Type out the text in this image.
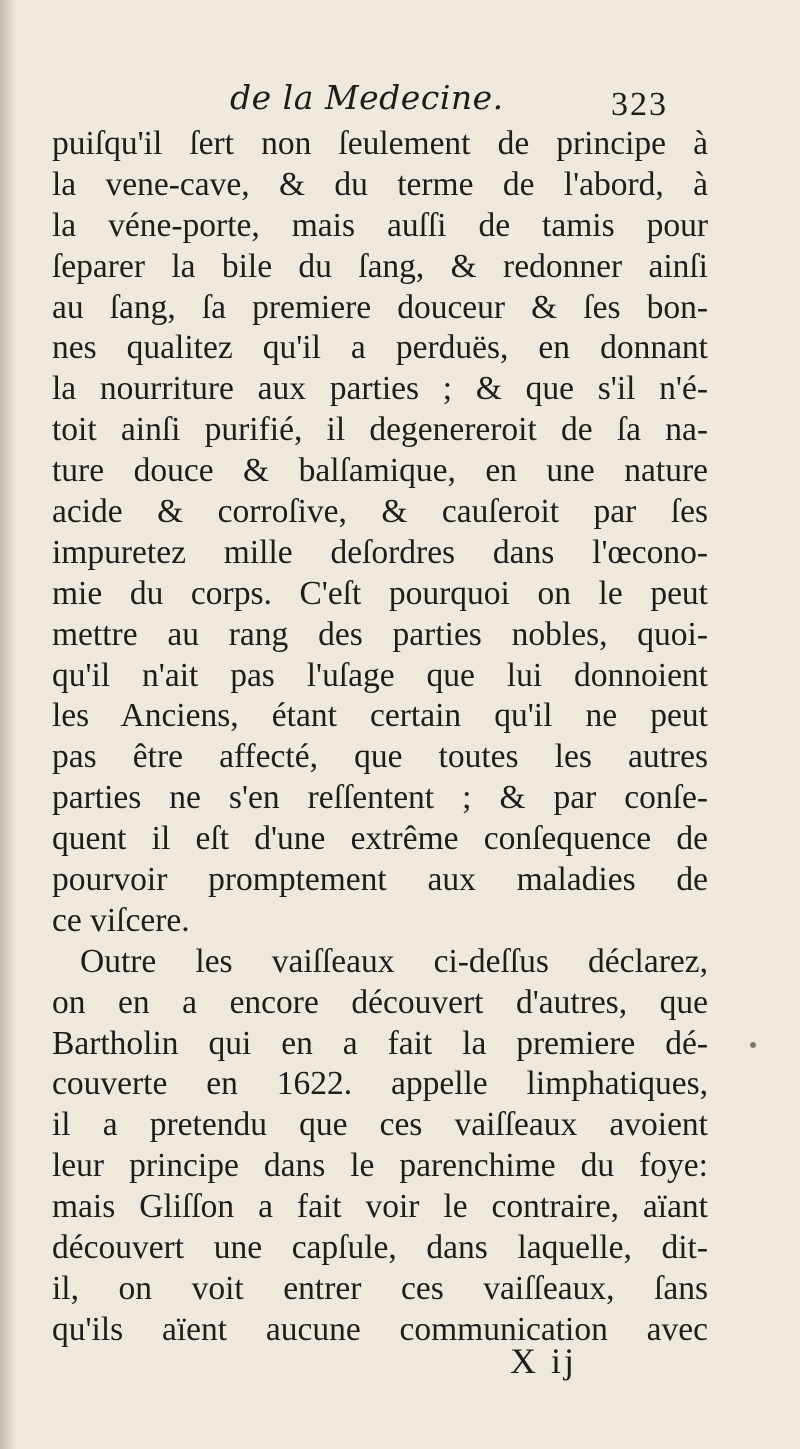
de la Medecine.	323
puiſqu'il ſert non ſeulement de principe à
la vene-cave, & du terme de l'abord, à
la véne-porte, mais auſſi de tamis pour
ſeparer la bile du ſang, & redonner ainſi
au ſang, ſa premiere douceur & ſes bon-
nes qualitez qu'il a perduës, en donnant
la nourriture aux parties ; & que s'il n'é-
toit ainſi purifié, il degenereroit de ſa na-
ture douce & balſamique, en une nature
acide & corroſive, & cauſeroit par ſes
impuretez mille deſordres dans l'œcono-
mie du corps. C'eſt pourquoi on le peut
mettre au rang des parties nobles, quoi-
qu'il n'ait pas l'uſage que lui donnoient
les Anciens, étant certain qu'il ne peut
pas être affecté, que toutes les autres
parties ne s'en reſſentent ; & par conſe-
quent il eſt d'une extrême conſequence de
pourvoir promptement aux maladies de
ce viſcere.
Outre les vaiſſeaux ci-deſſus déclarez,
on en a encore découvert d'autres, que
Bartholin qui en a fait la premiere dé-
couverte en 1622. appelle limphatiques,
il a pretendu que ces vaiſſeaux avoient
leur principe dans le parenchime du foye:
mais Gliſſon a fait voir le contraire, aïant
découvert une capſule, dans laquelle, dit-
il, on voit entrer ces vaiſſeaux, ſans
qu'ils aïent aucune communication avec
X ij
